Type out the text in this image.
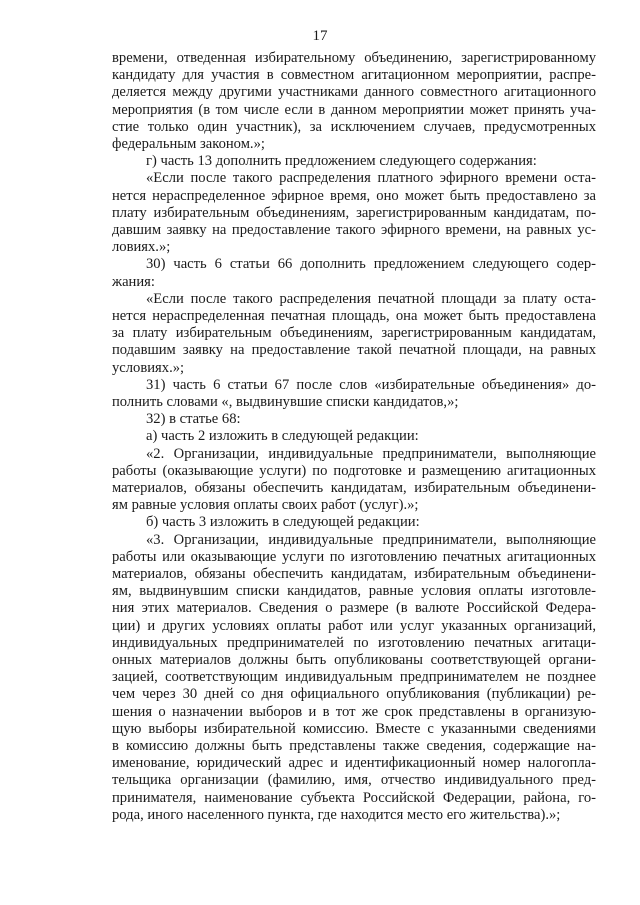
17
времени, отведенная избирательному объединению, зарегистрированному
кандидату для участия в совместном агитационном мероприятии, распре-
деляется между другими участниками данного совместного агитационного
мероприятия (в том числе если в данном мероприятии может принять уча-
стие только один участник), за исключением случаев, предусмотренных
федеральным законом.»;
г) часть 13 дополнить предложением следующего содержания:
«Если после такого распределения платного эфирного времени оста-
нется нераспределенное эфирное время, оно может быть предоставлено за
плату избирательным объединениям, зарегистрированным кандидатам, по-
давшим заявку на предоставление такого эфирного времени, на равных ус-
ловиях.»;
30) часть 6 статьи 66 дополнить предложением следующего содер-
жания:
«Если после такого распределения печатной площади за плату оста-
нется нераспределенная печатная площадь, она может быть предоставлена
за плату избирательным объединениям, зарегистрированным кандидатам,
подавшим заявку на предоставление такой печатной площади, на равных
условиях.»;
31) часть 6 статьи 67 после слов «избирательные объединения» до-
полнить словами «, выдвинувшие списки кандидатов,»;
32) в статье 68:
а) часть 2 изложить в следующей редакции:
«2. Организации, индивидуальные предприниматели, выполняющие
работы (оказывающие услуги) по подготовке и размещению агитационных
материалов, обязаны обеспечить кандидатам, избирательным объединени-
ям равные условия оплаты своих работ (услуг).»;
б) часть 3 изложить в следующей редакции:
«3. Организации, индивидуальные предприниматели, выполняющие
работы или оказывающие услуги по изготовлению печатных агитационных
материалов, обязаны обеспечить кандидатам, избирательным объединени-
ям, выдвинувшим списки кандидатов, равные условия оплаты изготовле-
ния этих материалов. Сведения о размере (в валюте Российской Федера-
ции) и других условиях оплаты работ или услуг указанных организаций,
индивидуальных предпринимателей по изготовлению печатных агитаци-
онных материалов должны быть опубликованы соответствующей органи-
зацией, соответствующим индивидуальным предпринимателем не позднее
чем через 30 дней со дня официального опубликования (публикации) ре-
шения о назначении выборов и в тот же срок представлены в организую-
щую выборы избирательной комиссию. Вместе с указанными сведениями
в комиссию должны быть представлены также сведения, содержащие на-
именование, юридический адрес и идентификационный номер налогопла-
тельщика организации (фамилию, имя, отчество индивидуального пред-
принимателя, наименование субъекта Российской Федерации, района, го-
рода, иного населенного пункта, где находится место его жительства).»;
